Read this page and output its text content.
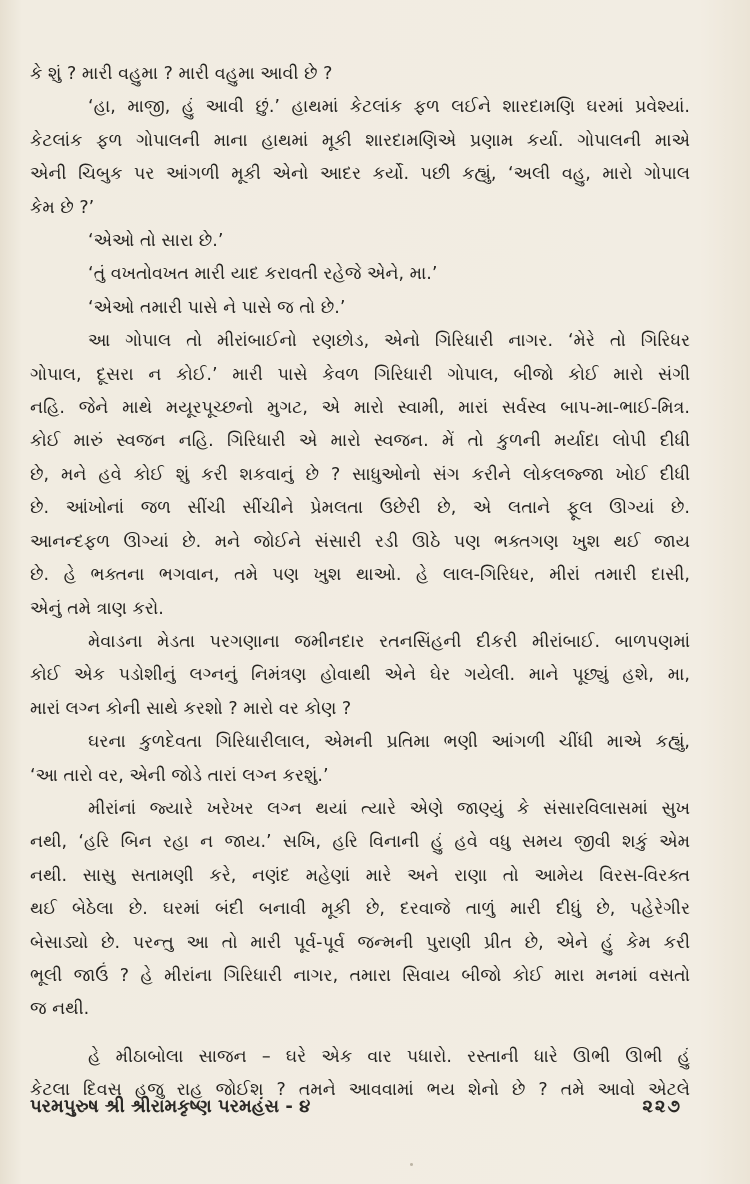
કે શું ? મારી વહુમા ? મારી વહુમા આવી છે ?
‘હા, માજી, હું આવી છું.’ હાથમાં કેટલાંક ફળ લઈને શારદામણિ ઘરમાં પ્રવેશ્યાં.
કેટલાંક ફળ ગોપાલની માના હાથમાં મૂકી શારદામણિએ પ્રણામ કર્યા. ગોપાલની માએ
એની ચિબુક પર આંગળી મૂકી એનો આદર કર્યો. પછી કહ્યું, ‘અલી વહુ, મારો ગોપાલ
કેમ છે ?’
‘એઓ તો સારા છે.’
‘તું વખતોવખત મારી યાદ કરાવતી રહેજે એને, મા.’
‘એઓ તમારી પાસે ને પાસે જ તો છે.’
આ ગોપાલ તો મીરાંબાઈનો રણછોડ, એનો ગિરિધારી નાગર. ‘મેરે તો ગિરિધર
ગોપાલ, દૂસરા ન કોઈ.’ મારી પાસે કેવળ ગિરિધારી ગોપાલ, બીજો કોઈ મારો સંગી
નહિ. જેને માથે મયૂરપૂચ્છનો મુગટ, એ મારો સ્વામી, મારાં સર્વસ્વ બાપ-મા-ભાઈ-મિત્ર.
કોઈ મારું સ્વજન નહિ. ગિરિધારી એ મારો સ્વજન. મેં તો કુળની મર્યાદા લોપી દીધી
છે, મને હવે કોઈ શું કરી શકવાનું છે ? સાધુઓનો સંગ કરીને લોકલજ્જા ખોઈ દીધી
છે. આંખોનાં જળ સીંચી સીંચીને પ્રેમલતા ઉછેરી છે, એ લતાને ફૂલ ઊગ્યાં છે.
આનન્દફળ ઊગ્યાં છે. મને જોઈને સંસારી રડી ઊઠે પણ ભક્તગણ ખુશ થઈ જાય
છે. હે ભક્તના ભગવાન, તમે પણ ખુશ થાઓ. હે લાલ-ગિરિધર, મીરાં તમારી દાસી,
એનું તમે ત્રાણ કરો.
મેવાડના મેડતા પરગણાના જમીનદાર રતનસિંહની દીકરી મીરાંબાઈ. બાળપણમાં
કોઈ એક પડોશીનું લગ્નનું નિમંત્રણ હોવાથી એને ઘેર ગયેલી. માને પૂછ્યું હશે, મા,
મારાં લગ્ન કોની સાથે કરશો ? મારો વર કોણ ?
ઘરના કુળદેવતા ગિરિધારીલાલ, એમની પ્રતિમા ભણી આંગળી ચીંધી માએ કહ્યું,
‘આ તારો વર, એની જોડે તારાં લગ્ન કરશું.’
મીરાંનાં જ્યારે ખરેખર લગ્ન થયાં ત્યારે એણે જાણ્યું કે સંસારવિલાસમાં સુખ
નથી, ‘હરિ બિન રહા ન જાય.’ સખિ, હરિ વિનાની હું હવે વધુ સમય જીવી શકું એમ
નથી. સાસુ સતામણી કરે, નણંદ મહેણાં મારે અને રાણા તો આમેય વિરસ-વિરક્ત
થઈ બેઠેલા છે. ઘરમાં બંદી બનાવી મૂકી છે, દરવાજે તાળું મારી દીધું છે, પહેરેગીર
બેસાડ્યો છે. પરન્તુ આ તો મારી પૂર્વ-પૂર્વ જન્મની પુરાણી પ્રીત છે, એને હું કેમ કરી
ભૂલી જાઉં ? હે મીરાંના ગિરિધારી નાગર, તમારા સિવાય બીજો કોઈ મારા મનમાં વસતો
જ નથી.
હે મીઠાબોલા સાજન – ઘરે એક વાર પધારો. રસ્તાની ધારે ઊભી ઊભી હું
કેટલા દિવસ હજુ રાહ જોઈશ ? તમને આવવામાં ભય શેનો છે ? તમે આવો એટલે
પરમપુરુષ શ્રી શ્રીરામકૃષ્ણ પરમહંસ - ૪	૨૨૭
